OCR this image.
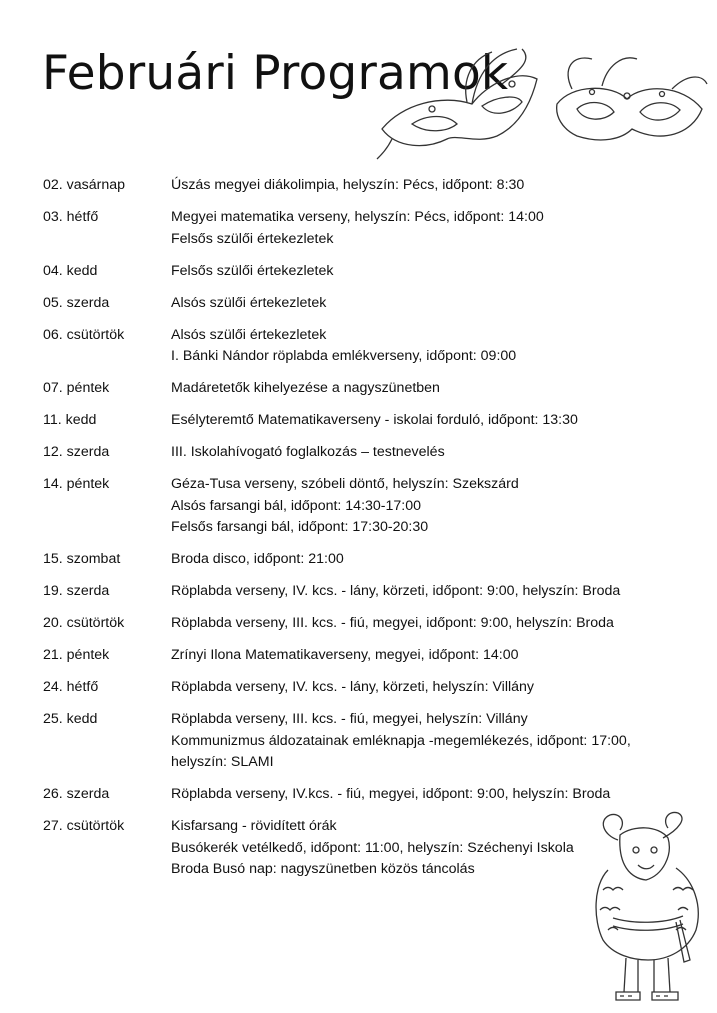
Februári Programok
02. vasárnap	Úszás megyei diákolimpia, helyszín: Pécs, időpont: 8:30
03. hétfő	Megyei matematika verseny, helyszín: Pécs, időpont: 14:00
Felsős szülői értekezletek
04. kedd	Felsős szülői értekezletek
05. szerda	Alsós szülői értekezletek
06. csütörtök	Alsós szülői értekezletek
I. Bánki Nándor röplabda emlékverseny, időpont: 09:00
07. péntek	Madáretetők kihelyezése a nagyszünetben
11. kedd	Esélyteremtő Matematikaverseny - iskolai forduló, időpont: 13:30
12. szerda	III. Iskolahívogató foglalkozás – testnevelés
14. péntek	Géza-Tusa verseny, szóbeli döntő, helyszín: Szekszárd
Alsós farsangi bál, időpont: 14:30-17:00
Felsős farsangi bál, időpont: 17:30-20:30
15. szombat	Broda disco, időpont: 21:00
19. szerda	Röplabda verseny, IV. kcs. - lány, körzeti, időpont: 9:00, helyszín: Broda
20. csütörtök	Röplabda verseny, III. kcs. - fiú, megyei, időpont: 9:00, helyszín: Broda
21. péntek	Zrínyi Ilona Matematikaverseny, megyei, időpont: 14:00
24. hétfő	Röplabda verseny, IV. kcs. - lány, körzeti, helyszín: Villány
25. kedd	Röplabda verseny, III. kcs. - fiú, megyei, helyszín: Villány
Kommunizmus áldozatainak emléknapja -megemlékezés, időpont: 17:00,
helyszín: SLAMI
26. szerda	Röplabda verseny, IV.kcs. - fiú, megyei, időpont: 9:00, helyszín: Broda
27. csütörtök	Kisfarsang - rövidített órák
Busókerék vetélkedő, időpont: 11:00, helyszín: Széchenyi Iskola
Broda Busó nap: nagyszünetben közös táncolás
